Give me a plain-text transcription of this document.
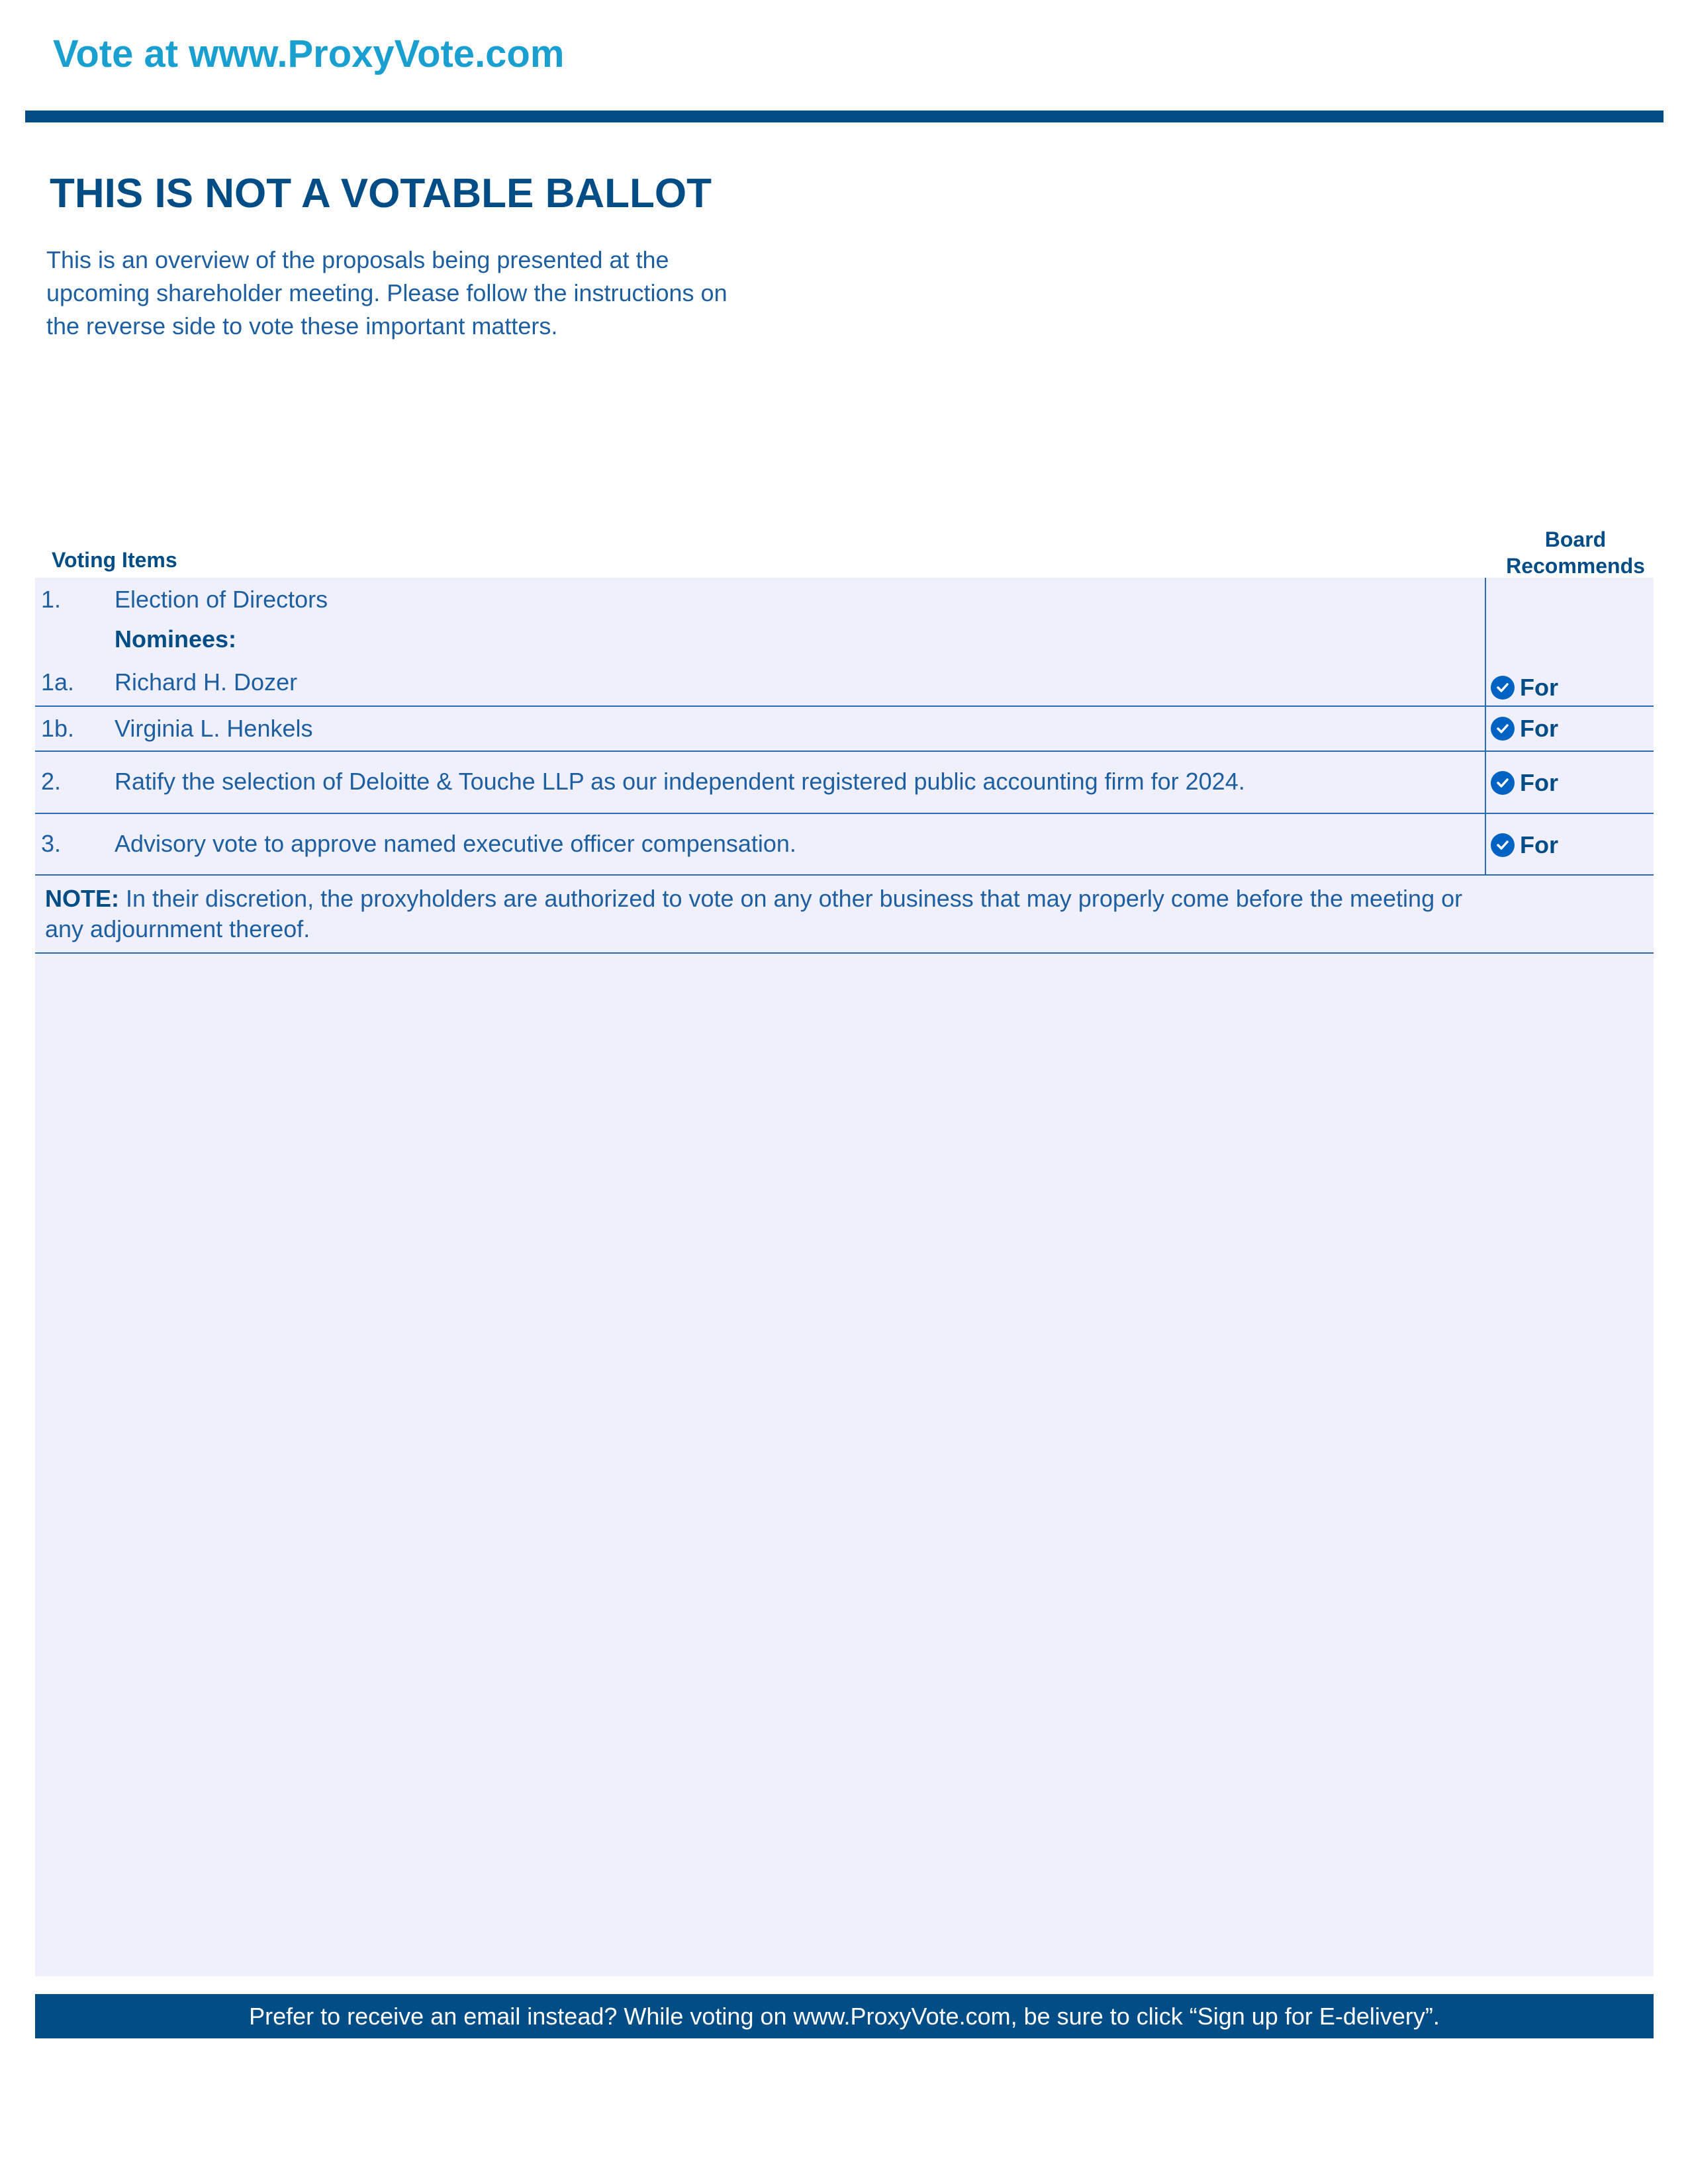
Vote at www.ProxyVote.com
THIS IS NOT A VOTABLE BALLOT
This is an overview of the proposals being presented at the
upcoming shareholder meeting. Please follow the instructions on
the reverse side to vote these important matters.
Voting Items
Board
Recommends
1. Election of Directors
Nominees:
1a. Richard H. Dozer	For
1b. Virginia L. Henkels	For
2. Ratify the selection of Deloitte & Touche LLP as our independent registered public accounting firm for 2024.	For
3. Advisory vote to approve named executive officer compensation.	For
NOTE: In their discretion, the proxyholders are authorized to vote on any other business that may properly come before the meeting or
any adjournment thereof.
Prefer to receive an email instead? While voting on www.ProxyVote.com, be sure to click “Sign up for E-delivery”.
